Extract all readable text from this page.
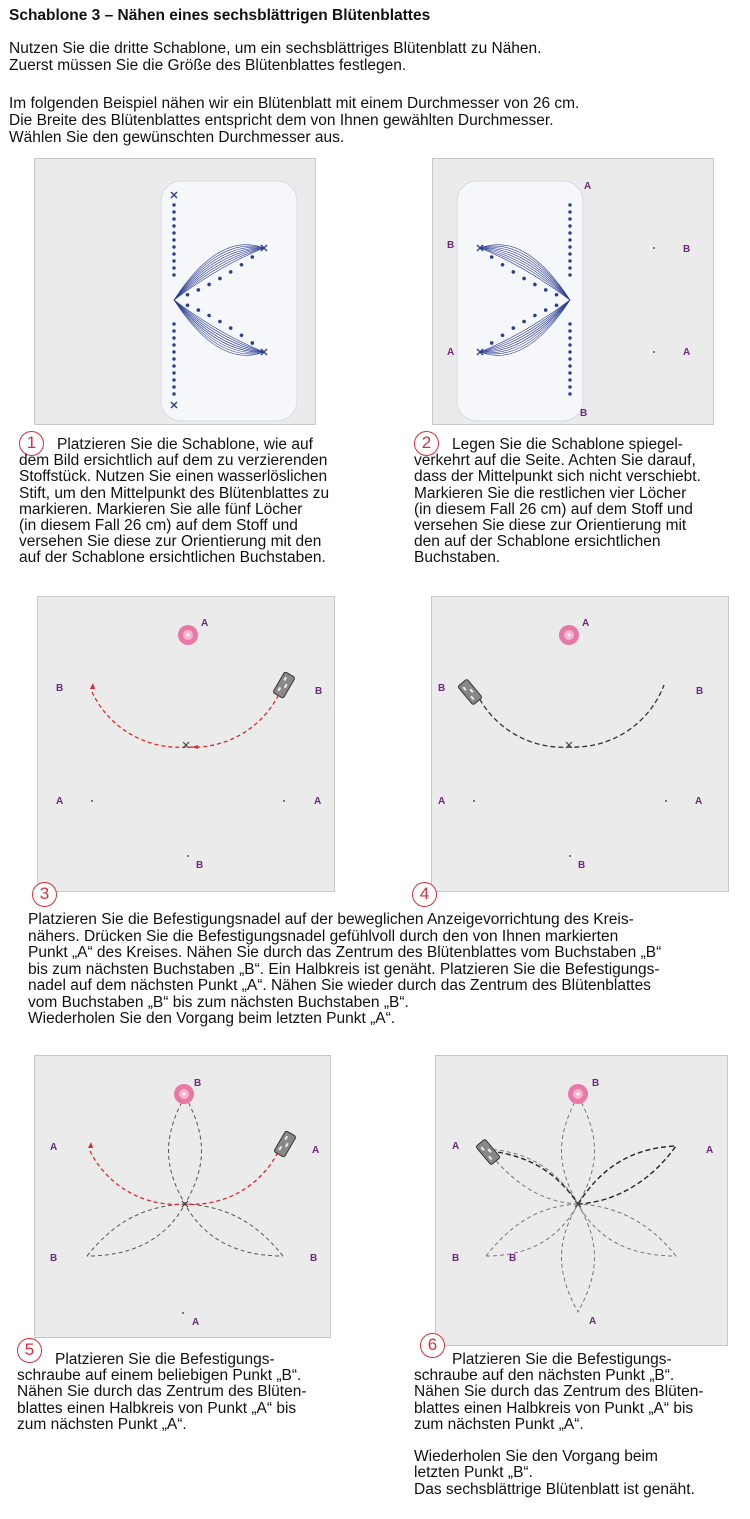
Schablone 3 – Nähen eines sechsblättrigen Blütenblattes
Nutzen Sie die dritte Schablone, um ein sechsblättriges Blütenblatt zu Nähen.
Zuerst müssen Sie die Größe des Blütenblattes festlegen.
Im folgenden Beispiel nähen wir ein Blütenblatt mit einem Durchmesser von 26 cm.
Die Breite des Blütenblattes entspricht dem von Ihnen gewählten Durchmesser.
Wählen Sie den gewünschten Durchmesser aus.
A
B
B
A
B
A
1	Platzieren Sie die Schablone, wie auf
dem Bild ersichtlich auf dem zu verzierenden
Stoffstück. Nutzen Sie einen wasserlöslichen
Stift, um den Mittelpunkt des Blütenblattes zu
markieren. Markieren Sie alle fünf Löcher
(in diesem Fall 26 cm) auf dem Stoff und
versehen Sie diese zur Orientierung mit den
auf der Schablone ersichtlichen Buchstaben.
2	Legen Sie die Schablone spiegel-
verkehrt auf die Seite. Achten Sie darauf,
dass der Mittelpunkt sich nicht verschiebt.
Markieren Sie die restlichen vier Löcher
(in diesem Fall 26 cm) auf dem Stoff und
versehen Sie diese zur Orientierung mit
den auf der Schablone ersichtlichen
Buchstaben.
A
B	B
A	A
B
A
B	B
A	A
B
3	4
Platzieren Sie die Befestigungsnadel auf der beweglichen Anzeigevorrichtung des Kreis-
nähers. Drücken Sie die Befestigungsnadel gefühlvoll durch den von Ihnen markierten
Punkt „A“ des Kreises. Nähen Sie durch das Zentrum des Blütenblattes vom Buchstaben „B“
bis zum nächsten Buchstaben „B“. Ein Halbkreis ist genäht. Platzieren Sie die Befestigungs-
nadel auf dem nächsten Punkt „A“. Nähen Sie wieder durch das Zentrum des Blütenblattes
vom Buchstaben „B“ bis zum nächsten Buchstaben „B“.
Wiederholen Sie den Vorgang beim letzten Punkt „A“.
B
A	A
B	B
A
B
A	A
B	B
A
5
Platzieren Sie die Befestigungs-
schraube auf einem beliebigen Punkt „B“.
Nähen Sie durch das Zentrum des Blüten-
blattes einen Halbkreis von Punkt „A“ bis
zum nächsten Punkt „A“.
6
Platzieren Sie die Befestigungs-
schraube auf den nächsten Punkt „B“.
Nähen Sie durch das Zentrum des Blüten-
blattes einen Halbkreis von Punkt „A“ bis
zum nächsten Punkt „A“.

Wiederholen Sie den Vorgang beim
letzten Punkt „B“.
Das sechsblättrige Blütenblatt ist genäht.
